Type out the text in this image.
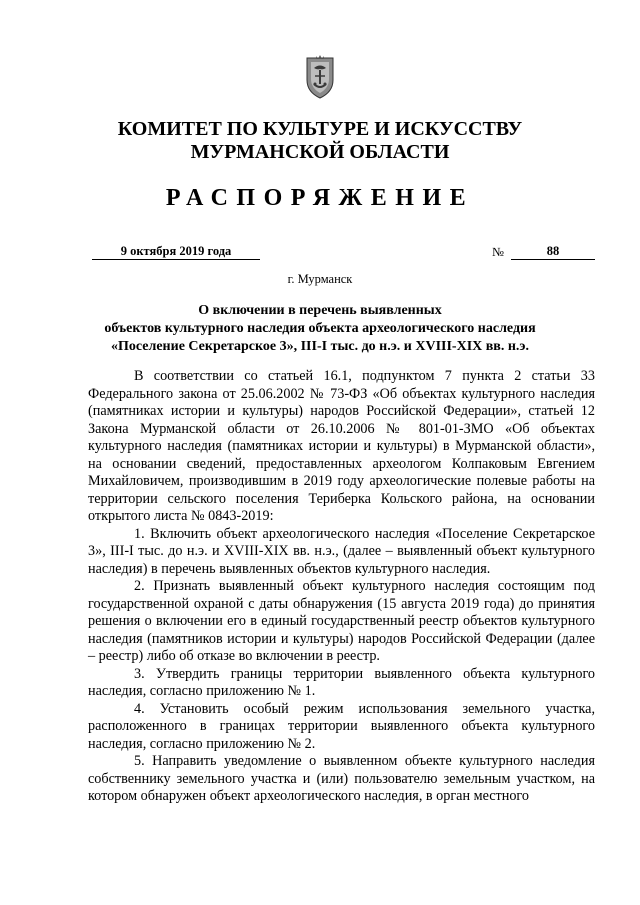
КОМИТЕТ ПО КУЛЬТУРЕ И ИСКУССТВУ
МУРМАНСКОЙ ОБЛАСТИ
РАСПОРЯЖЕНИЕ
9 октября 2019 года	№	88
г. Мурманск
О включении в перечень выявленных
объектов культурного наследия объекта археологического наследия
«Поселение Секретарское 3», III-I тыс. до н.э. и XVIII-XIX вв. н.э.

В соответствии со статьей 16.1, подпунктом 7 пункта 2 статьи 33 Федерального закона от 25.06.2002 № 73-ФЗ «Об объектах культурного наследия (памятниках истории и культуры) народов Российской Федерации», статьей 12 Закона Мурманской области от 26.10.2006 № 801-01-ЗМО «Об объектах культурного наследия (памятниках истории и культуры) в Мурманской области», на основании сведений, предоставленных археологом Колпаковым Евгением Михайловичем, производившим в 2019 году археологические полевые работы на территории сельского поселения Териберка Кольского района, на основании открытого листа № 0843-2019:

1. Включить объект археологического наследия «Поселение Секретарское 3», III-I тыс. до н.э. и XVIII-XIX вв. н.э., (далее – выявленный объект культурного наследия) в перечень выявленных объектов культурного наследия.

2. Признать выявленный объект культурного наследия состоящим под государственной охраной с даты обнаружения (15 августа 2019 года) до принятия решения о включении его в единый государственный реестр объектов культурного наследия (памятников истории и культуры) народов Российской Федерации (далее – реестр) либо об отказе во включении в реестр.

3. Утвердить границы территории выявленного объекта культурного наследия, согласно приложению № 1.

4. Установить особый режим использования земельного участка, расположенного в границах территории выявленного объекта культурного наследия, согласно приложению № 2.

5. Направить уведомление о выявленном объекте культурного наследия собственнику земельного участка и (или) пользователю земельным участком, на котором обнаружен объект археологического наследия, в орган местного
